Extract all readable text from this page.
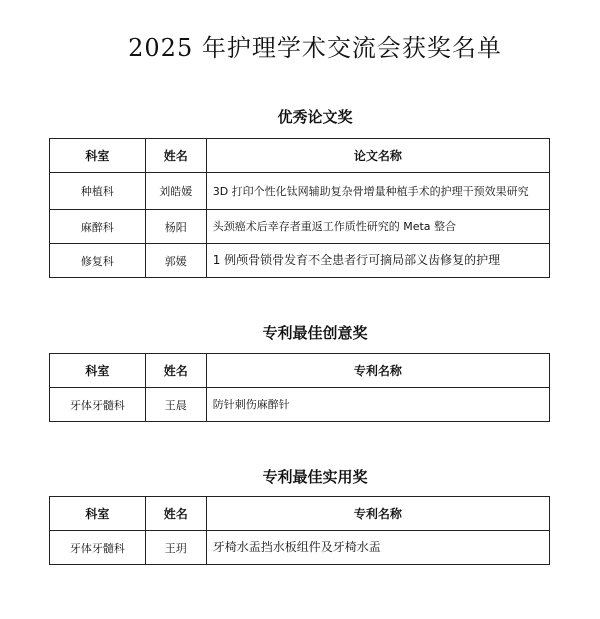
2025 年护理学术交流会获奖名单
优秀论文奖
科室	姓名	论文名称
种植科	刘皓媛	3D 打印个性化钛网辅助复杂骨增量种植手术的护理干预效果研究
麻醉科	杨阳	头颈癌术后幸存者重返工作质性研究的 Meta 整合
修复科	郭媛	1 例颅骨锁骨发育不全患者行可摘局部义齿修复的护理
专利最佳创意奖
科室	姓名	专利名称
牙体牙髓科	王晨	防针刺伤麻醉针
专利最佳实用奖
科室	姓名	专利名称
牙体牙髓科	王玥	牙椅水盂挡水板组件及牙椅水盂
